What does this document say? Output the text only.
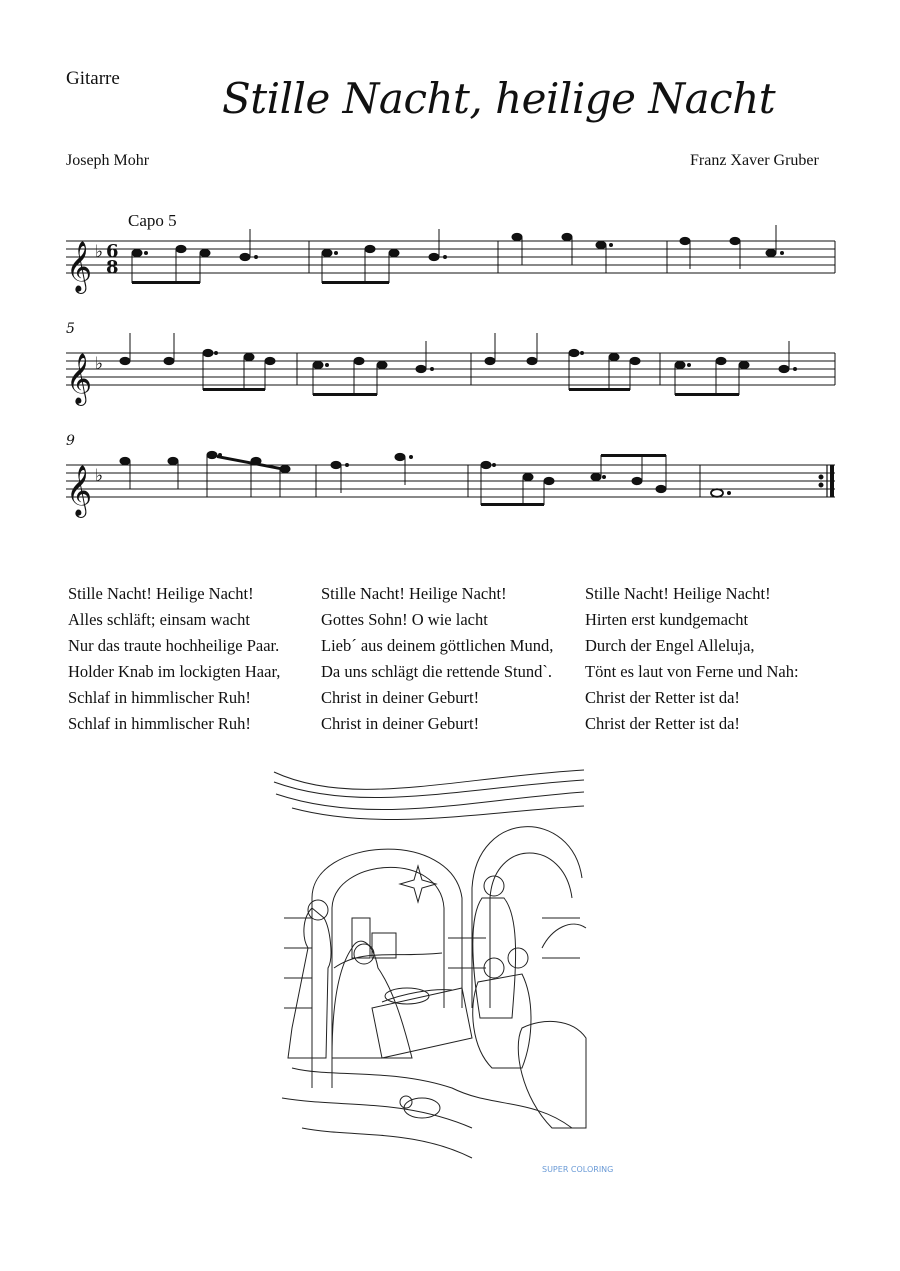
Gitarre Stille Nacht, heilige Nacht
Joseph Mohr	Franz Xaver Gruber
Capo 5
𝄞
𝄞
𝄞
♭
♭
♭
6
8
5
9
Stille Nacht! Heilige Nacht!
Alles schläft; einsam wacht
Nur das traute hochheilige Paar.
Holder Knab im lockigten Haar,
Schlaf in himmlischer Ruh!
Schlaf in himmlischer Ruh!
Stille Nacht! Heilige Nacht!
Gottes Sohn! O wie lacht
Lieb´ aus deinem göttlichen Mund,
Da uns schlägt die rettende Stund`.
Christ in deiner Geburt!
Christ in deiner Geburt!
Stille Nacht! Heilige Nacht!
Hirten erst kundgemacht
Durch der Engel Alleluja,
Tönt es laut von Ferne und Nah:
Christ der Retter ist da!
Christ der Retter ist da!
SUPER COLORING
